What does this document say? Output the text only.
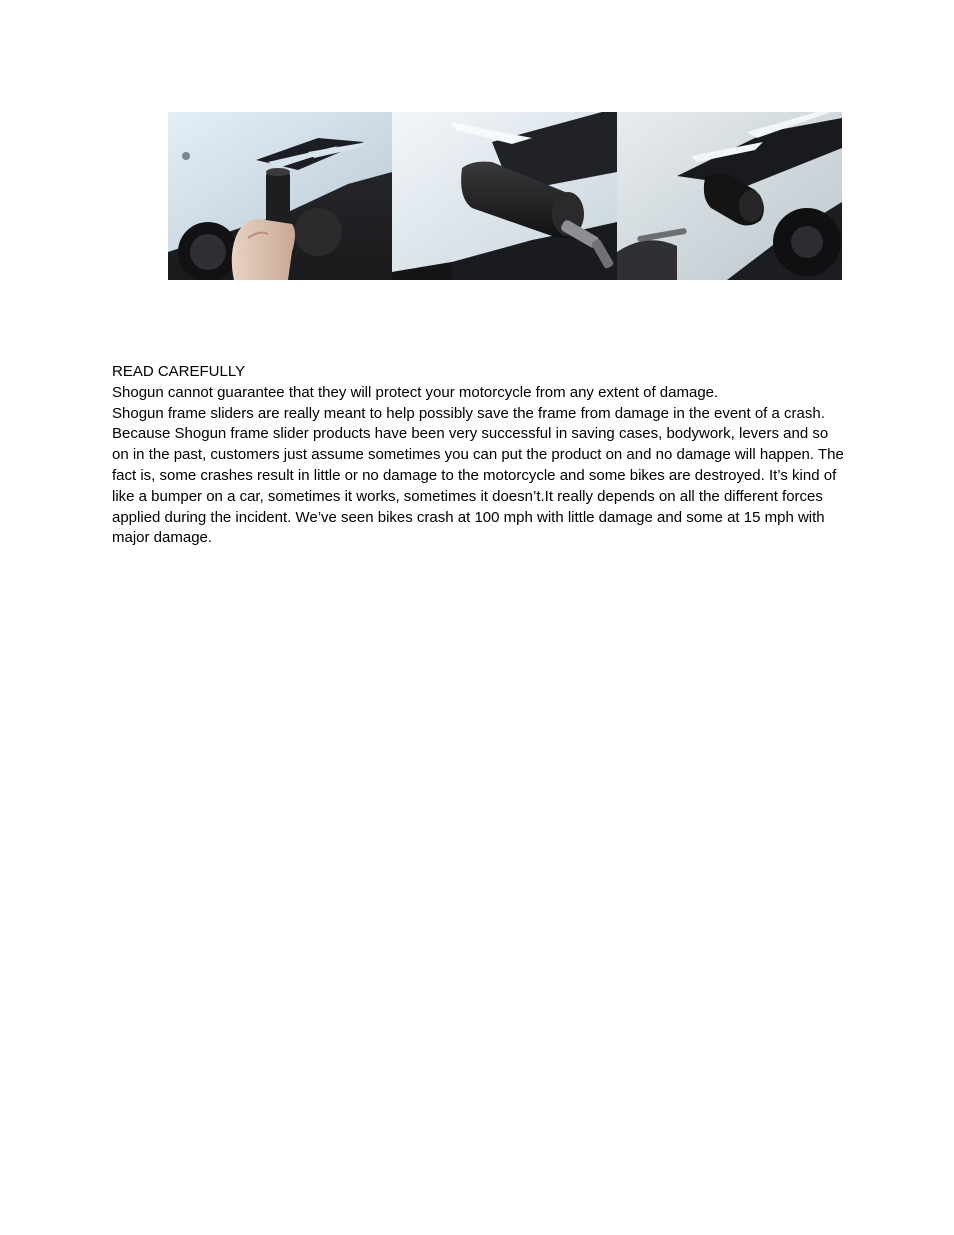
READ CAREFULLY

Shogun cannot guarantee that they will protect your motorcycle from any extent of damage.

Shogun frame sliders are really meant to help possibly save the frame from damage in the event of a crash. Because Shogun frame slider products have been very successful in saving cases, bodywork, levers and so on in the past, customers just assume sometimes you can put the product on and no damage will happen. The fact is, some crashes result in little or no damage to the motorcycle and some bikes are destroyed. It’s kind of like a bumper on a car, sometimes it works, sometimes it doesn’t.It really depends on all the different forces applied during the incident. We’ve seen bikes crash at 100 mph with little damage and some at 15 mph with major damage.
